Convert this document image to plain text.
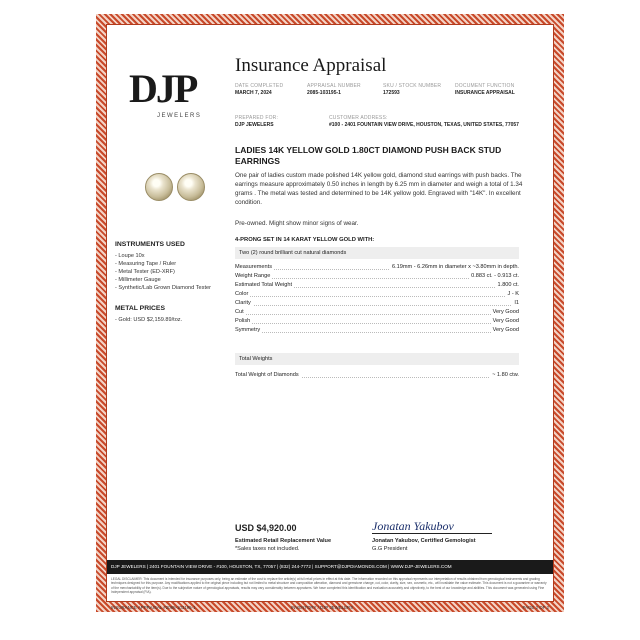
DJP
JEWELERS
Insurance Appraisal
DATE COMPLETED
MARCH 7, 2024
APPRAISAL NUMBER
2085-103195-1
SKU / STOCK NUMBER
172593
DOCUMENT FUNCTION
INSURANCE APPRAISAL
PREPARED FOR:
DJP JEWELERS
CUSTOMER ADDRESS:
#100 - 2401 FOUNTAIN VIEW DRIVE, HOUSTON, TEXAS, UNITED STATES, 77057
LADIES 14K YELLOW GOLD 1.80CT DIAMOND PUSH BACK STUD EARRINGS
One pair of ladies custom made polished 14K yellow gold, diamond stud earrings with push backs. The earrings measure approximately 0.50 inches in length by 6.25 mm in diameter and weigh a total of 1.34 grams . The metal was tested and determined to be 14K yellow gold. Engraved with "14K". In excellent condition.
Pre-owned. Might show minor signs of wear.
INSTRUMENTS USED
- Loupe 10x
- Measuring Tape / Ruler
- Metal Tester (ED-XRF)
- Millimeter Gauge
- Synthetic/Lab Grown Diamond Tester
METAL PRICES
- Gold: USD $2,159.89/toz.
4-PRONG SET IN 14 KARAT YELLOW GOLD WITH:
Two (2) round brilliant cut natural diamonds
Measurements	6.19mm - 6.26mm in diameter x ~3.80mm in depth.
Weight Range	0.883 ct. - 0.913 ct.
Estimated Total Weight	1.800 ct.
Color	J - K
Clarity	I1
Cut	Very Good
Polish	Very Good
Symmetry	Very Good
Total Weights
Total Weight of Diamonds	~ 1.80 ctw.
USD $4,920.00
Estimated Retail Replacement Value
*Sales taxes not included.
Jonatan Yakubov
Jonatan Yakubov, Certified Gemologist
G.G President
DJP JEWELERS | 2401 FOUNTAIN VIEW DRIVE - #100, HOUSTON, TX, 77057 | (832) 244-7772 | SUPPORT@DJPDIAMONDS.COM | WWW.DJP-JEWELERS.COM
LEGAL DISCLAIMER: This document is intended for insurance purposes only, being an estimate of the cost to replace the article(s) at full retail prices in effect at this date. The information recorded on this appraisal represents our interpretation of results obtained from gemological instruments and grading techniques designed for this purpose. Any modifications applied to the original piece including but not limited to metal structure and composition alteration, diamond and gemstone change, cut, color, clarity, size, sex, cosmetic, etc., will invalidate the value estimate. This document is not a guarantee or warranty of the merchantability of the item(s). Due to the subjective nature of gemological appraisals, results may vary considerably between appraisers. We have completed this identification and evaluation accurately and objectively, to the best of our knowledge and abilities. This document was generated using Fine Independent appraisal (FIA).
INSURANCE APPRAISAL #2085-103195-1	INVENTORY / DJP JEWELERS	PAGE 2 OF 2
